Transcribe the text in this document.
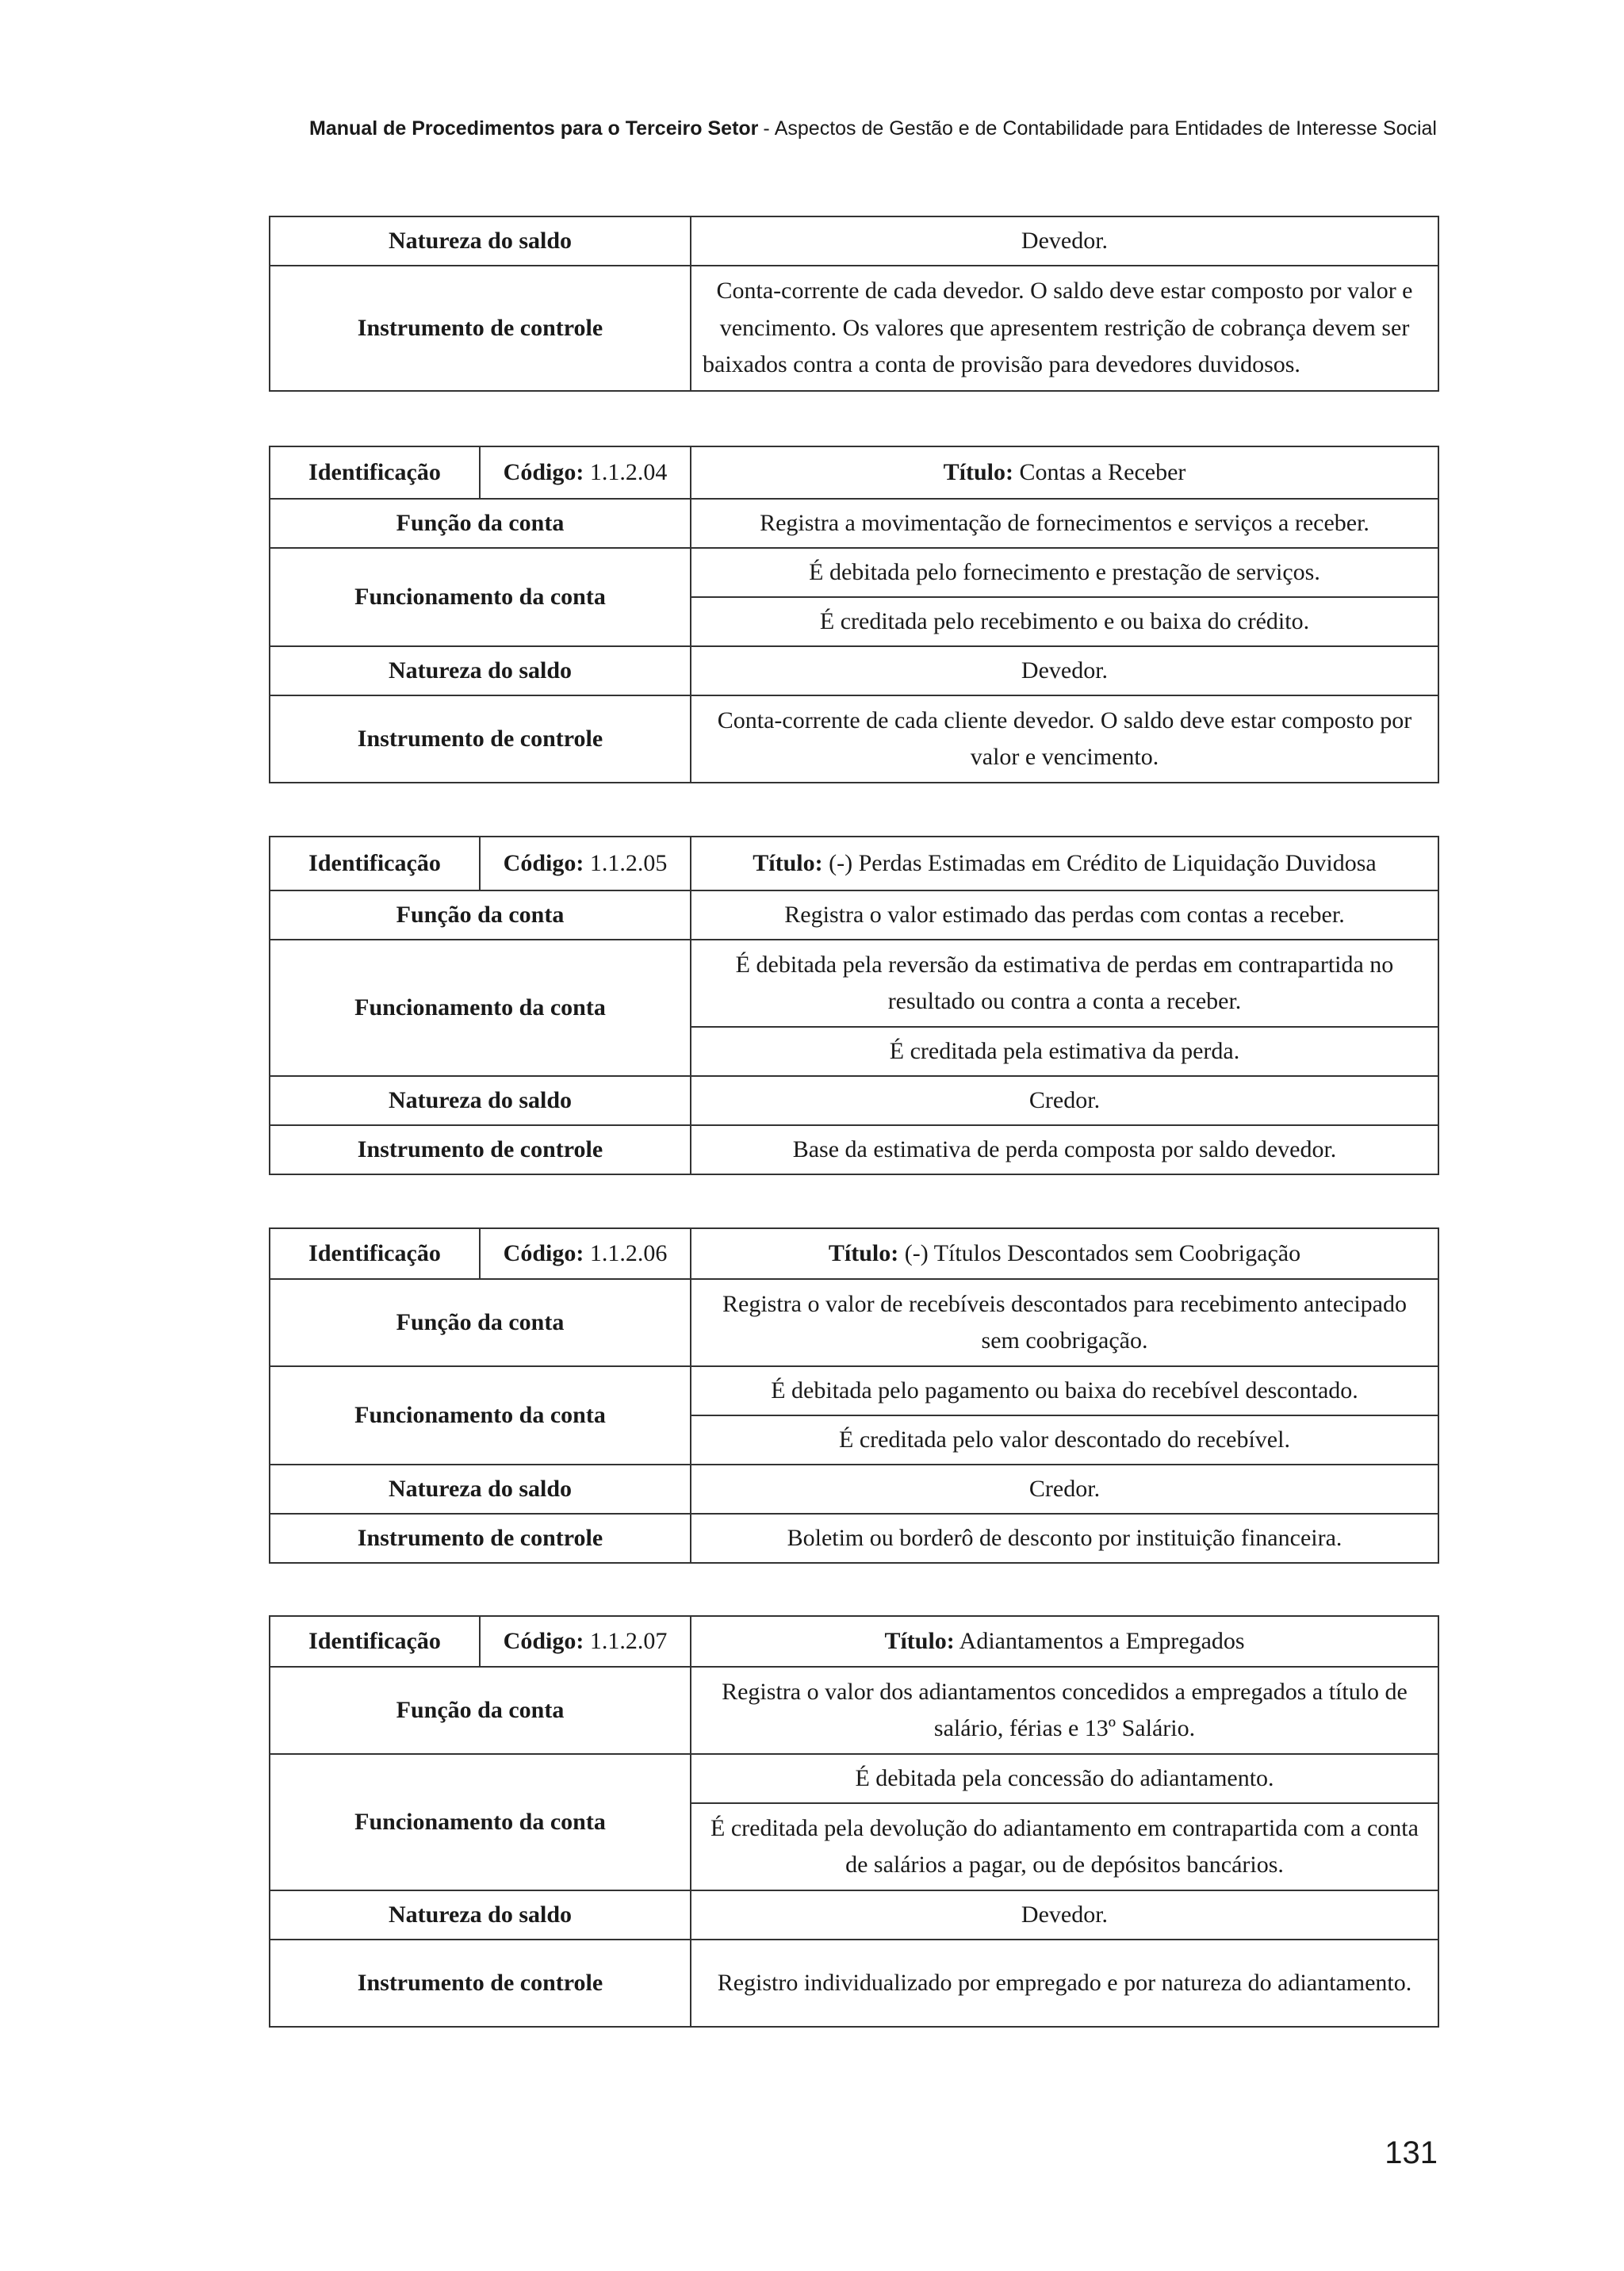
Manual de Procedimentos para o Terceiro Setor - Aspectos de Gestão e de Contabilidade para Entidades de Interesse Social
Natureza do saldo	Devedor.
Instrumento de controle	Conta-corrente de cada devedor. O saldo deve estar composto por valor e vencimento. Os valores que apresentem restrição de cobrança devem ser baixados contra a conta de provisão para devedores duvidosos.
Identificação	Código: 1.1.2.04	Título: Contas a Receber
Função da conta		Registra a movimentação de fornecimentos e serviços a receber.
Funcionamento da conta		É debitada pelo fornecimento e prestação de serviços.
		É creditada pelo recebimento e ou baixa do crédito.
Natureza do saldo		Devedor.
Instrumento de controle		Conta-corrente de cada cliente devedor. O saldo deve estar composto por valor e vencimento.
Identificação	Código: 1.1.2.05	Título: (-) Perdas Estimadas em Crédito de Liquidação Duvidosa
Função da conta		Registra o valor estimado das perdas com contas a receber.
Funcionamento da conta		É debitada pela reversão da estimativa de perdas em contrapartida no resultado ou contra a conta a receber.
		É creditada pela estimativa da perda.
Natureza do saldo		Credor.
Instrumento de controle		Base da estimativa de perda composta por saldo devedor.
Identificação	Código: 1.1.2.06	Título: (-) Títulos Descontados sem Coobrigação
Função da conta		Registra o valor de recebíveis descontados para recebimento antecipado sem coobrigação.
Funcionamento da conta		É debitada pelo pagamento ou baixa do recebível descontado.
		É creditada pelo valor descontado do recebível.
Natureza do saldo		Credor.
Instrumento de controle		Boletim ou borderô de desconto por instituição financeira.
Identificação	Código: 1.1.2.07	Título: Adiantamentos a Empregados
Função da conta		Registra o valor dos adiantamentos concedidos a empregados a título de salário, férias e 13º Salário.
Funcionamento da conta		É debitada pela concessão do adiantamento.
		É creditada pela devolução do adiantamento em contrapartida com a conta de salários a pagar, ou de depósitos bancários.
Natureza do saldo		Devedor.
Instrumento de controle		Registro individualizado por empregado e por natureza do adiantamento.
131
